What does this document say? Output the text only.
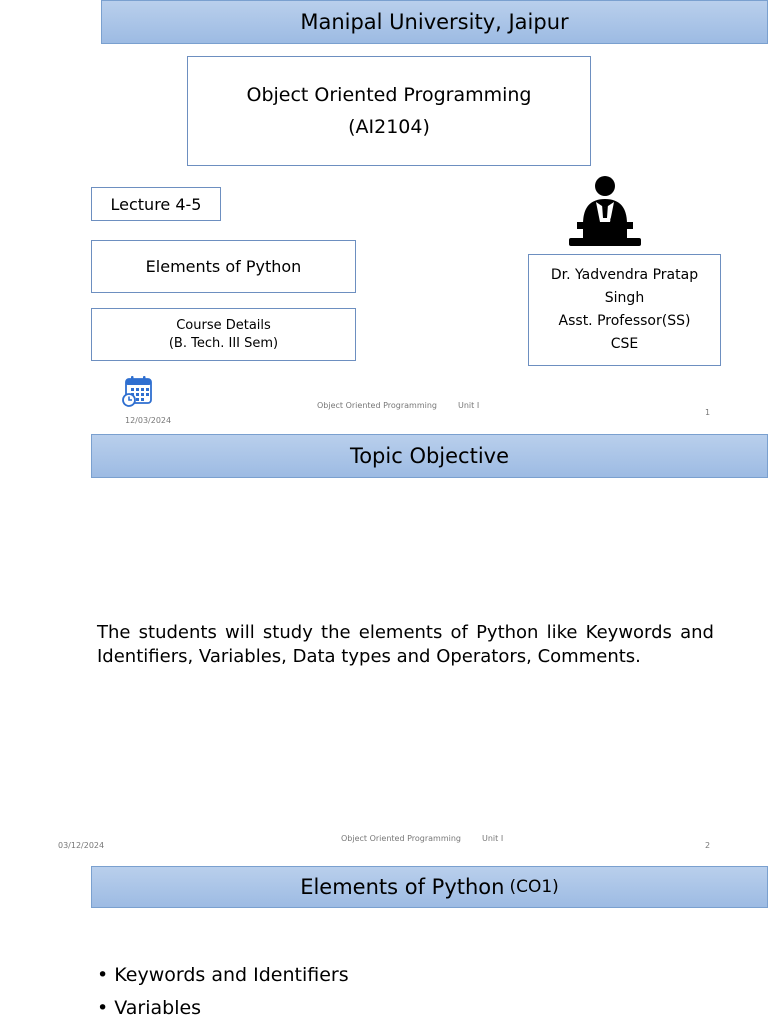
Manipal University, Jaipur
Object Oriented Programming
(AI2104)
Lecture 4-5
Elements of Python	Dr. Yadvendra Pratap Singh
Asst. Professor(SS)
CSE
Course Details
(B. Tech. III Sem)
Object Oriented Programming	Unit I
1
12/03/2024
Topic Objective
The students will study the elements of Python like Keywords and Identifiers, Variables, Data types and Operators, Comments.
Object Oriented Programming	Unit I
03/12/2024	2
Elements of Python (CO1)
• Keywords and Identifiers
• Variables
